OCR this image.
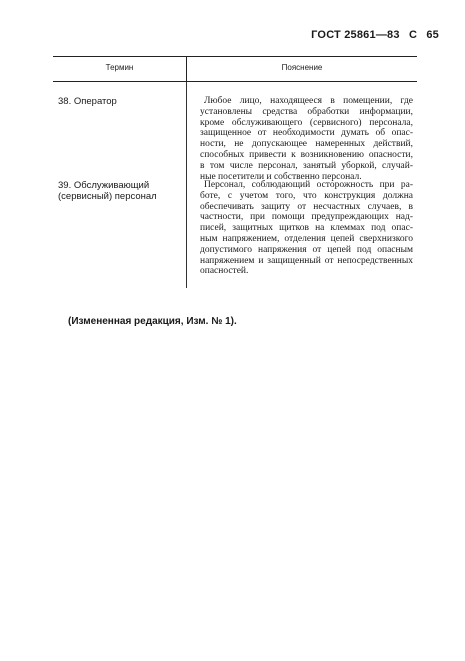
ГОСТ 25861—83 С 65
Термин	Пояснение
38. Оператор	Любое лицо, находящееся в помещении, где
установлены средства обработки информации,
кроме обслуживающего (сервисного) персонала,
защищенное от необходимости думать об опас-
ности, не допускающее намеренных действий,
способных привести к возникновению опасности,
в том числе персонал, занятый уборкой, случай-
ные посетители и собственно персонал.
39. Обслуживающий (сервисный) персонал
Персонал, соблюдающий осторожность при ра-
боте, с учетом того, что конструкция должна
обеспечивать защиту от несчастных случаев, в
частности, при помощи предупреждающих над-
писей, защитных щитков на клеммах под опас-
ным напряжением, отделения цепей сверхнизкого
допустимого напряжения от цепей под опасным
напряжением и защищенный от непосредственных
опасностей.
(Измененная редакция, Изм. № 1).
